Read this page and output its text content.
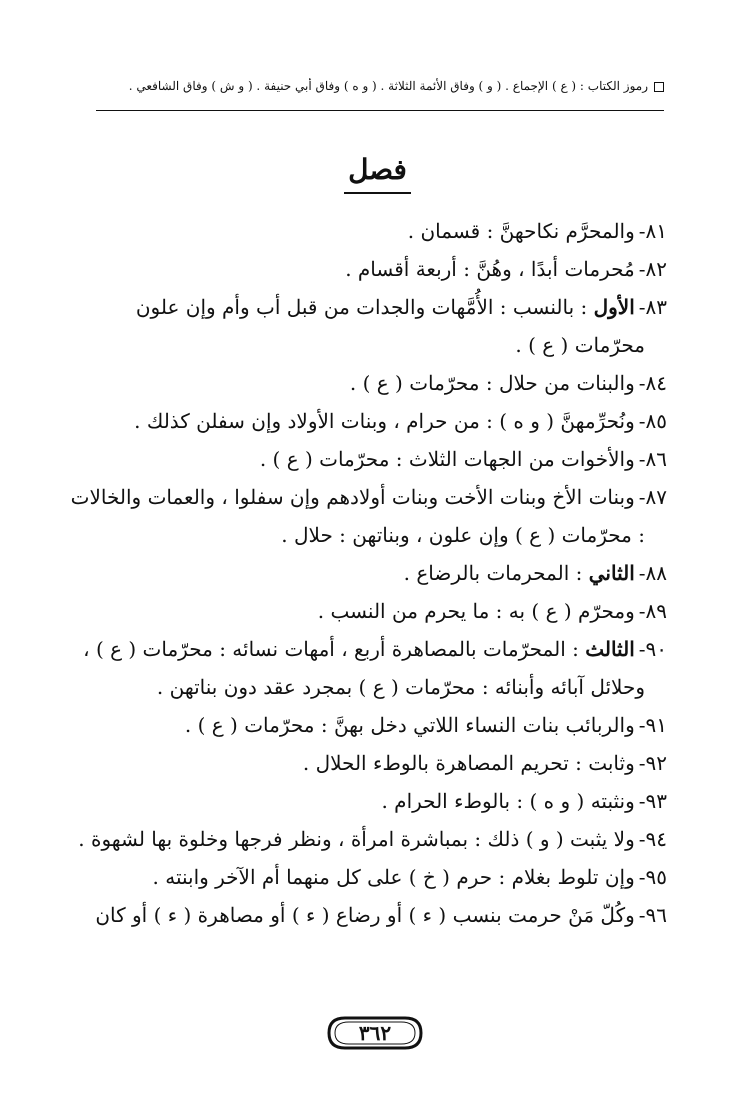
رموز الكتاب : ( ع ) الإجماع . ( و ) وفاق الأئمة الثلاثة . ( و ه ) وفاق أبي حنيفة . ( و ش ) وفاق الشافعي .
فصل
٨١-والمحرَّم نكاحهنَّ : قسمان .
٨٢-مُحرمات أبدًا ، وهُنَّ : أربعة أقسام .
٨٣-الأول : بالنسب : الأُمَّهات والجدات من قبل أب وأم وإن علون
محرّمات ( ع ) .
٨٤-والبنات من حلال : محرّمات ( ع ) .
٨٥-ونُحرِّمهنَّ ( و ه ) : من حرام ، وبنات الأولاد وإن سفلن كذلك .
٨٦-والأخوات من الجهات الثلاث : محرّمات ( ع ) .
٨٧-وبنات الأخ وبنات الأخت وبنات أولادهم وإن سفلوا ، والعمات والخالات
: محرّمات ( ع ) وإن علون ، وبناتهن : حلال .
٨٨-الثاني : المحرمات بالرضاع .
٨٩-ومحرّم ( ع ) به : ما يحرم من النسب .
٩٠-الثالث : المحرّمات بالمصاهرة أربع ، أمهات نسائه : محرّمات ( ع ) ،
وحلائل آبائه وأبنائه : محرّمات ( ع ) بمجرد عقد دون بناتهن .
٩١-والربائب بنات النساء اللاتي دخل بهنَّ : محرّمات ( ع ) .
٩٢-وثابت : تحريم المصاهرة بالوطء الحلال .
٩٣-ونثبته ( و ه ) : بالوطء الحرام .
٩٤-ولا يثبت ( و ) ذلك : بمباشرة امرأة ، ونظر فرجها وخلوة بها لشهوة .
٩٥-وإن تلوط بغلام : حرم ( خ ) على كل منهما أم الآخر وابنته .
٩٦-وكُلّ مَنْ حرمت بنسب ( ء ) أو رضاع ( ء ) أو مصاهرة ( ء ) أو كان
٣٦٢
